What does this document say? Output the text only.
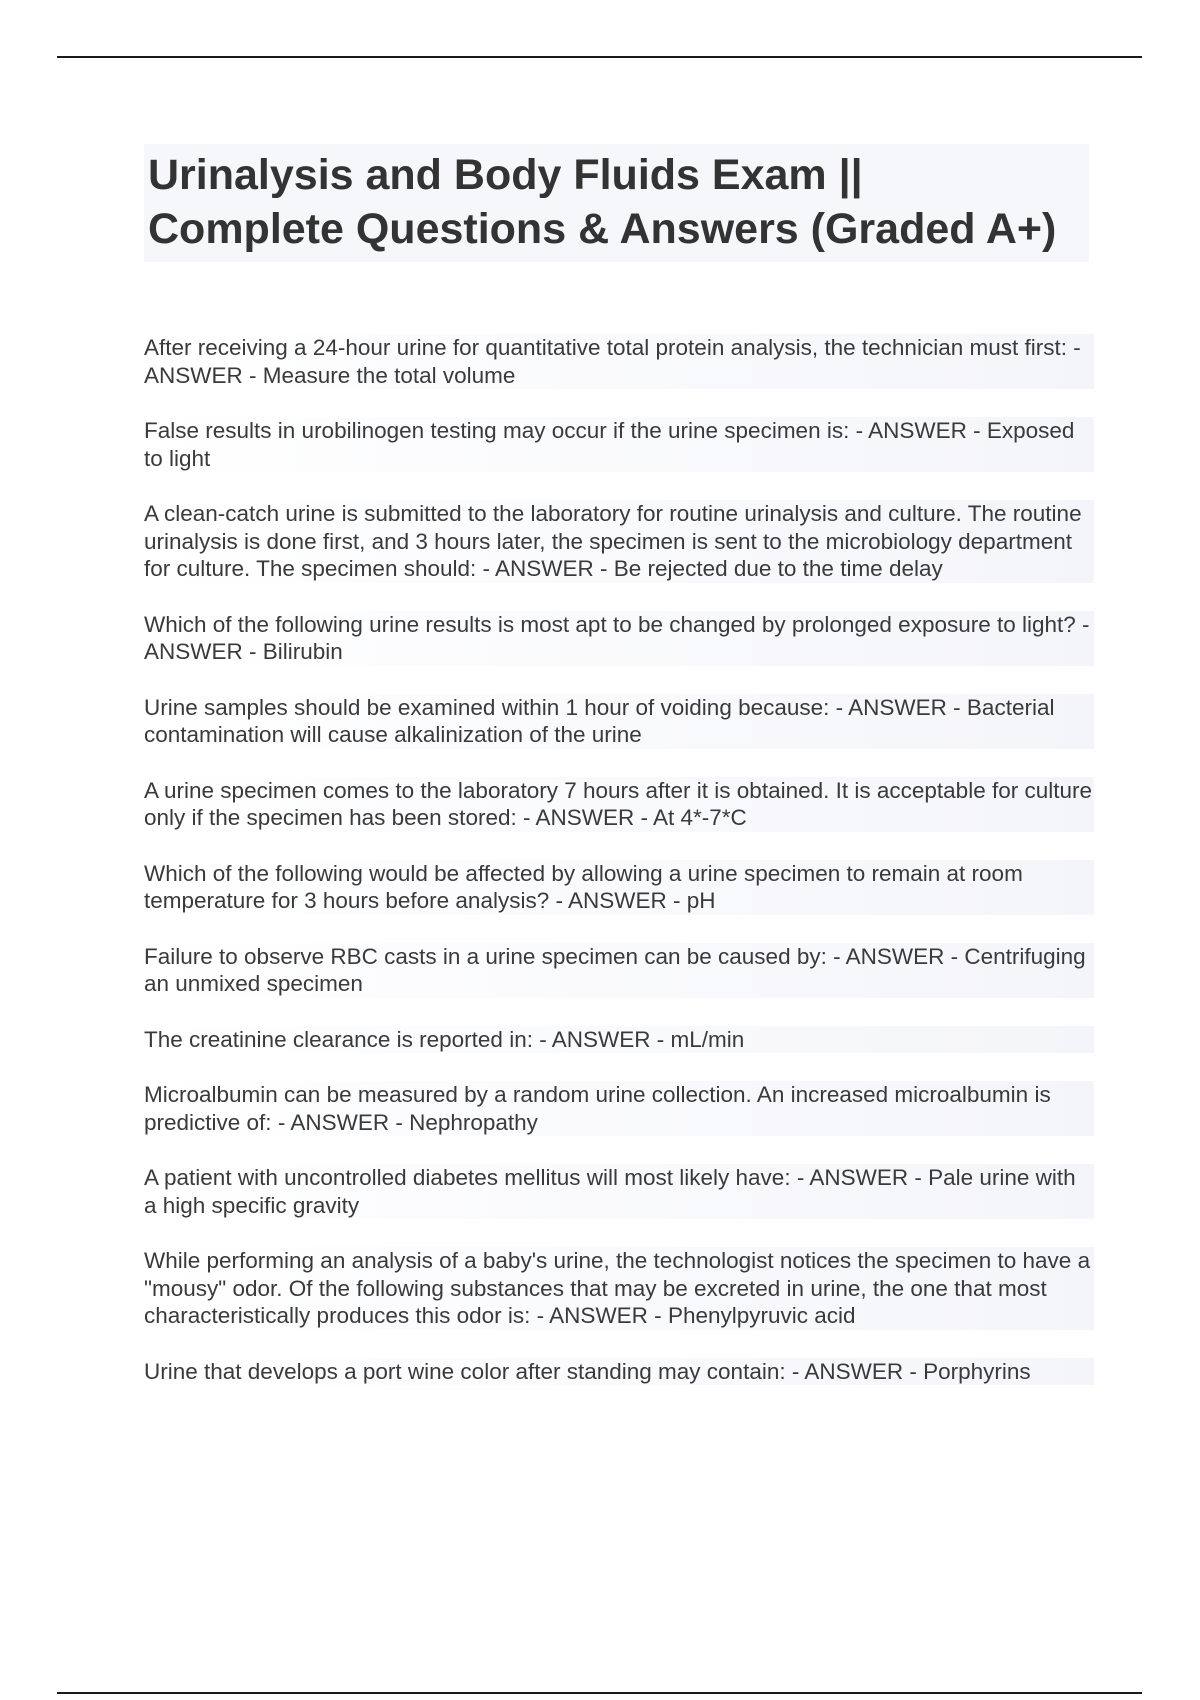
Urinalysis and Body Fluids Exam ||
Complete Questions & Answers (Graded A+)

After receiving a 24-hour urine for quantitative total protein analysis, the technician must first: - ANSWER - Measure the total volume

False results in urobilinogen testing may occur if the urine specimen is: - ANSWER - Exposed to light

A clean-catch urine is submitted to the laboratory for routine urinalysis and culture. The routine urinalysis is done first, and 3 hours later, the specimen is sent to the microbiology department for culture. The specimen should: - ANSWER - Be rejected due to the time delay

Which of the following urine results is most apt to be changed by prolonged exposure to light? - ANSWER - Bilirubin

Urine samples should be examined within 1 hour of voiding because: - ANSWER - Bacterial contamination will cause alkalinization of the urine

A urine specimen comes to the laboratory 7 hours after it is obtained. It is acceptable for culture only if the specimen has been stored: - ANSWER - At 4*-7*C

Which of the following would be affected by allowing a urine specimen to remain at room temperature for 3 hours before analysis? - ANSWER - pH

Failure to observe RBC casts in a urine specimen can be caused by: - ANSWER - Centrifuging an unmixed specimen

The creatinine clearance is reported in: - ANSWER - mL/min

Microalbumin can be measured by a random urine collection. An increased microalbumin is predictive of: - ANSWER - Nephropathy

A patient with uncontrolled diabetes mellitus will most likely have: - ANSWER - Pale urine with a high specific gravity

While performing an analysis of a baby's urine, the technologist notices the specimen to have a "mousy" odor. Of the following substances that may be excreted in urine, the one that most characteristically produces this odor is: - ANSWER - Phenylpyruvic acid

Urine that develops a port wine color after standing may contain: - ANSWER - Porphyrins
